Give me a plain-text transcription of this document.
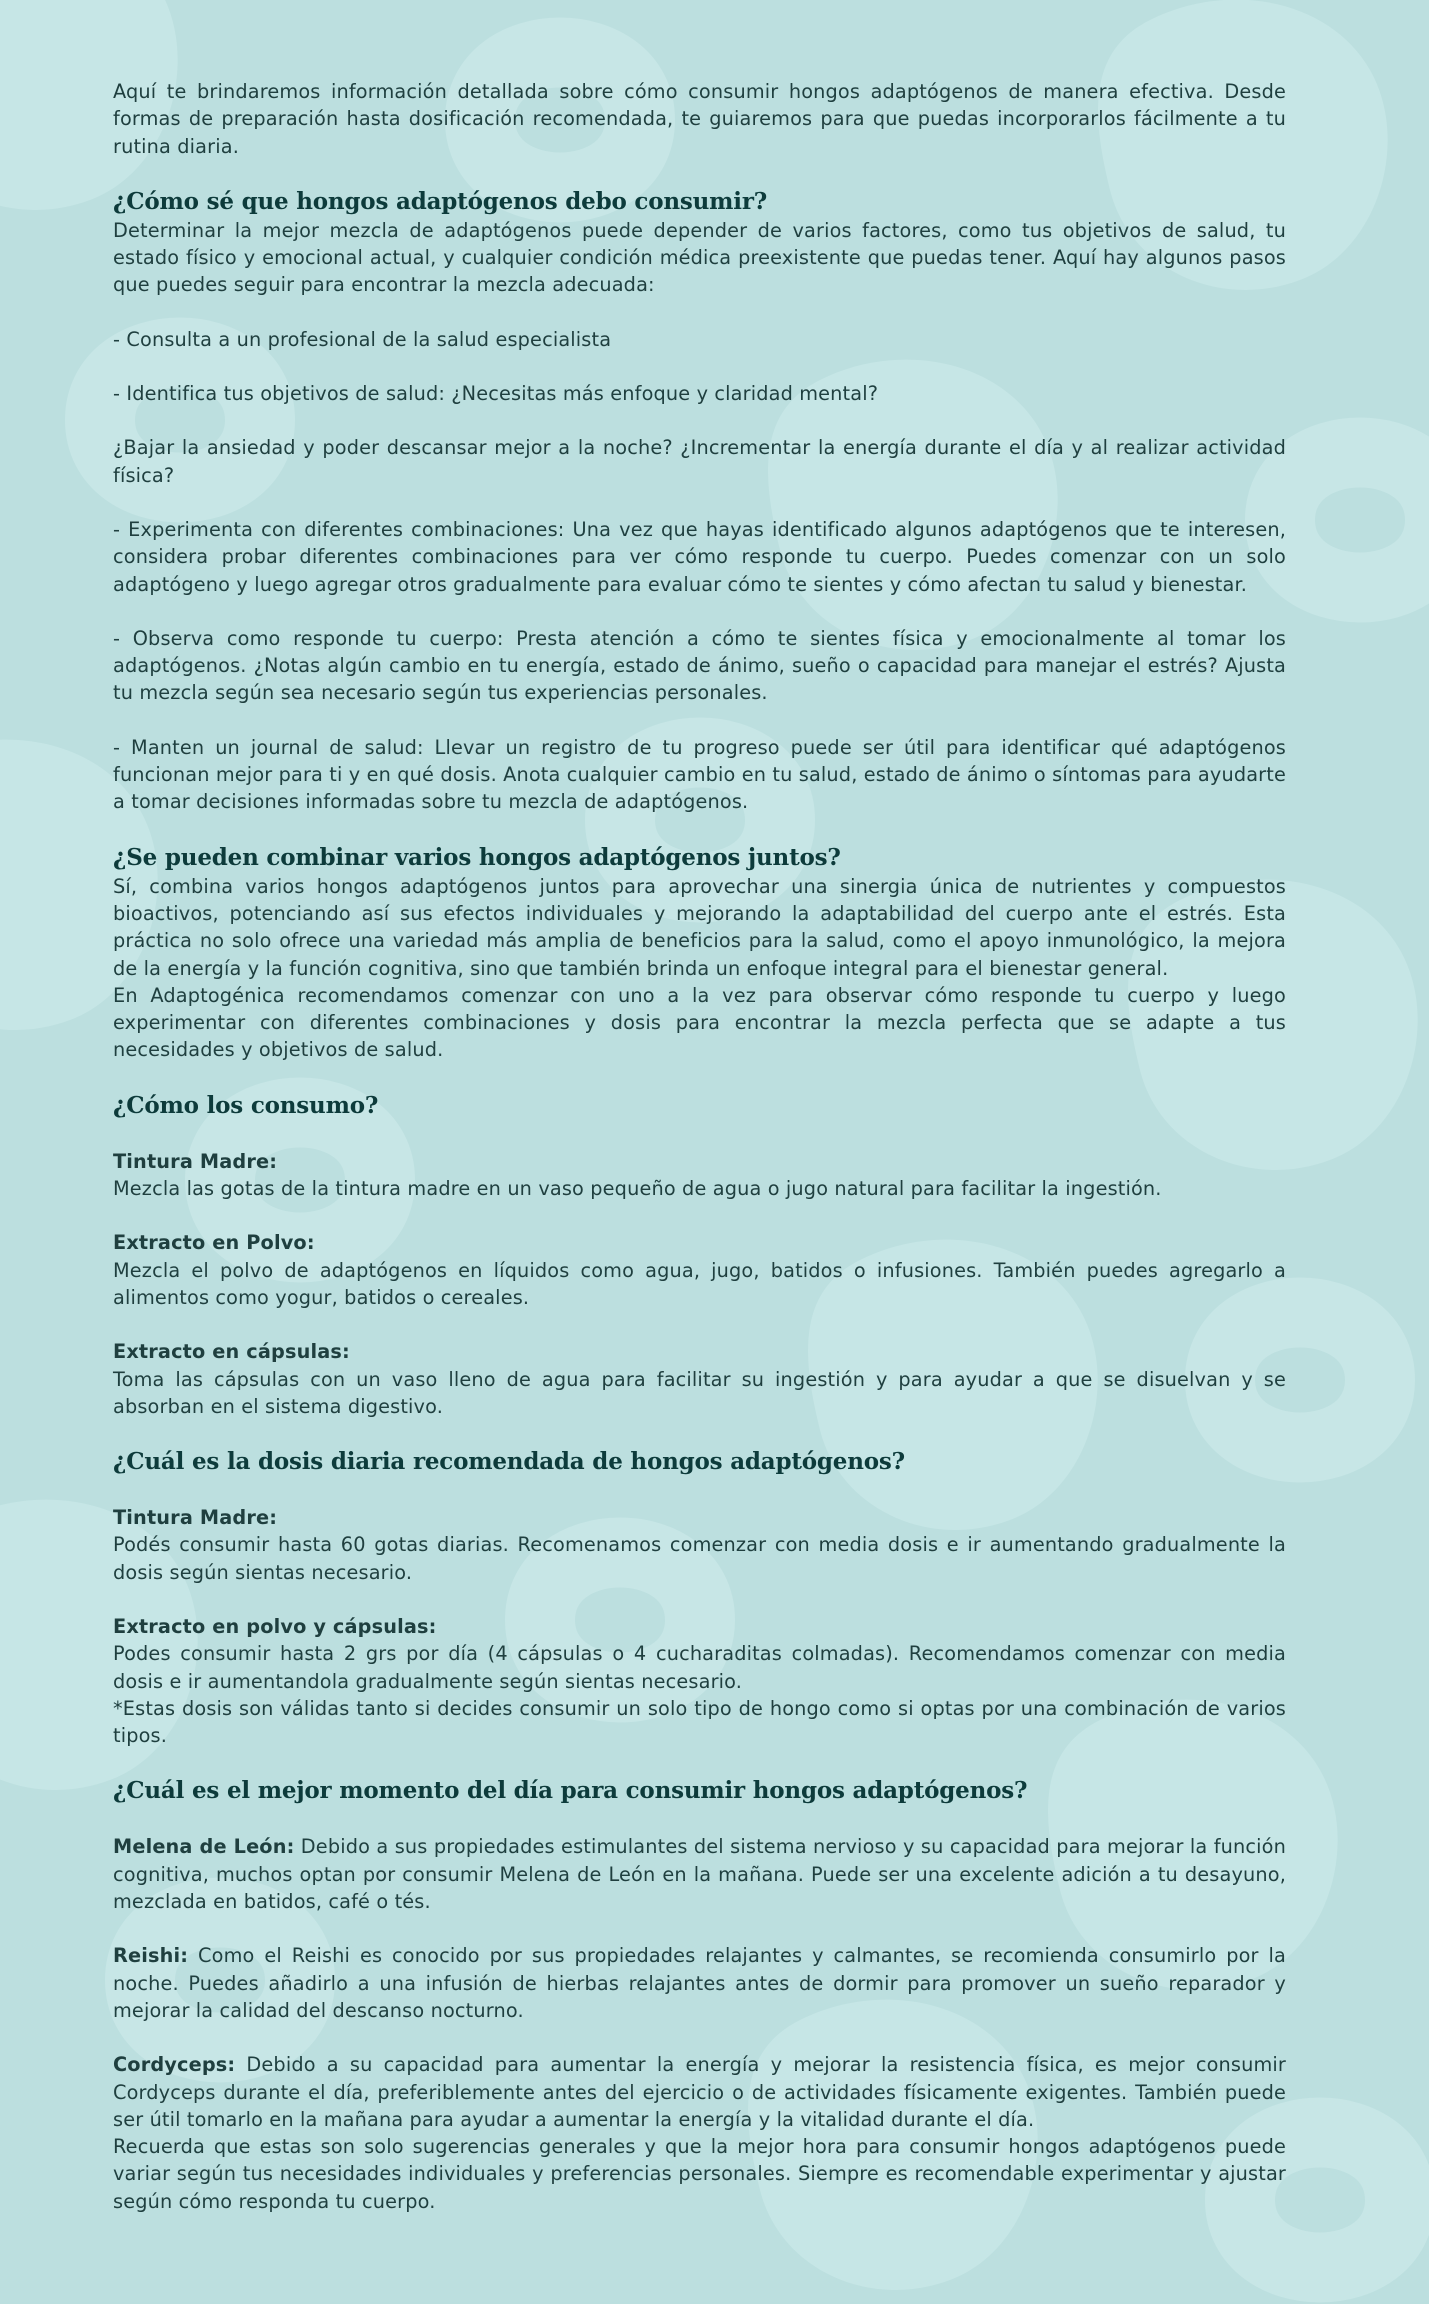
Aquí te brindaremos información detallada sobre cómo consumir hongos adaptógenos de manera efectiva. Desde formas de preparación hasta dosificación recomendada, te guiaremos para que puedas incorporarlos fácilmente a tu rutina diaria.

¿Cómo sé que hongos adaptógenos debo consumir?

Determinar la mejor mezcla de adaptógenos puede depender de varios factores, como tus objetivos de salud, tu estado físico y emocional actual, y cualquier condición médica preexistente que puedas tener. Aquí hay algunos pasos que puedes seguir para encontrar la mezcla adecuada:

- Consulta a un profesional de la salud especialista

- Identifica tus objetivos de salud: ¿Necesitas más enfoque y claridad mental?

¿Bajar la ansiedad y poder descansar mejor a la noche? ¿Incrementar la energía durante el día y al realizar actividad física?

- Experimenta con diferentes combinaciones: Una vez que hayas identificado algunos adaptógenos que te interesen, considera probar diferentes combinaciones para ver cómo responde tu cuerpo. Puedes comenzar con un solo adaptógeno y luego agregar otros gradualmente para evaluar cómo te sientes y cómo afectan tu salud y bienestar.

- Observa como responde tu cuerpo: Presta atención a cómo te sientes física y emocionalmente al tomar los adaptógenos. ¿Notas algún cambio en tu energía, estado de ánimo, sueño o capacidad para manejar el estrés? Ajusta tu mezcla según sea necesario según tus experiencias personales.

- Manten un journal de salud: Llevar un registro de tu progreso puede ser útil para identificar qué adaptógenos funcionan mejor para ti y en qué dosis. Anota cualquier cambio en tu salud, estado de ánimo o síntomas para ayudarte a tomar decisiones informadas sobre tu mezcla de adaptógenos.

¿Se pueden combinar varios hongos adaptógenos juntos?

Sí, combina varios hongos adaptógenos juntos para aprovechar una sinergia única de nutrientes y compuestos bioactivos, potenciando así sus efectos individuales y mejorando la adaptabilidad del cuerpo ante el estrés. Esta práctica no solo ofrece una variedad más amplia de beneficios para la salud, como el apoyo inmunológico, la mejora de la energía y la función cognitiva, sino que también brinda un enfoque integral para el bienestar general.

En Adaptogénica recomendamos comenzar con uno a la vez para observar cómo responde tu cuerpo y luego experimentar con diferentes combinaciones y dosis para encontrar la mezcla perfecta que se adapte a tus necesidades y objetivos de salud.

¿Cómo los consumo?

Tintura Madre:

Mezcla las gotas de la tintura madre en un vaso pequeño de agua o jugo natural para facilitar la ingestión.

Extracto en Polvo:

Mezcla el polvo de adaptógenos en líquidos como agua, jugo, batidos o infusiones. También puedes agregarlo a alimentos como yogur, batidos o cereales.

Extracto en cápsulas:

Toma las cápsulas con un vaso lleno de agua para facilitar su ingestión y para ayudar a que se disuelvan y se absorban en el sistema digestivo.

¿Cuál es la dosis diaria recomendada de hongos adaptógenos?

Tintura Madre:

Podés consumir hasta 60 gotas diarias. Recomenamos comenzar con media dosis e ir aumentando gradualmente la dosis según sientas necesario.

Extracto en polvo y cápsulas:

Podes consumir hasta 2 grs por día (4 cápsulas o 4 cucharaditas colmadas). Recomendamos comenzar con media dosis e ir aumentandola gradualmente según sientas necesario.

*Estas dosis son válidas tanto si decides consumir un solo tipo de hongo como si optas por una combinación de varios tipos.

¿Cuál es el mejor momento del día para consumir hongos adaptógenos?

Melena de León: Debido a sus propiedades estimulantes del sistema nervioso y su capacidad para mejorar la función cognitiva, muchos optan por consumir Melena de León en la mañana. Puede ser una excelente adición a tu desayuno, mezclada en batidos, café o tés.

Reishi: Como el Reishi es conocido por sus propiedades relajantes y calmantes, se recomienda consumirlo por la noche. Puedes añadirlo a una infusión de hierbas relajantes antes de dormir para promover un sueño reparador y mejorar la calidad del descanso nocturno.

Cordyceps: Debido a su capacidad para aumentar la energía y mejorar la resistencia física, es mejor consumir Cordyceps durante el día, preferiblemente antes del ejercicio o de actividades físicamente exigentes. También puede ser útil tomarlo en la mañana para ayudar a aumentar la energía y la vitalidad durante el día.

Recuerda que estas son solo sugerencias generales y que la mejor hora para consumir hongos adaptógenos puede variar según tus necesidades individuales y preferencias personales. Siempre es recomendable experimentar y ajustar según cómo responda tu cuerpo.
